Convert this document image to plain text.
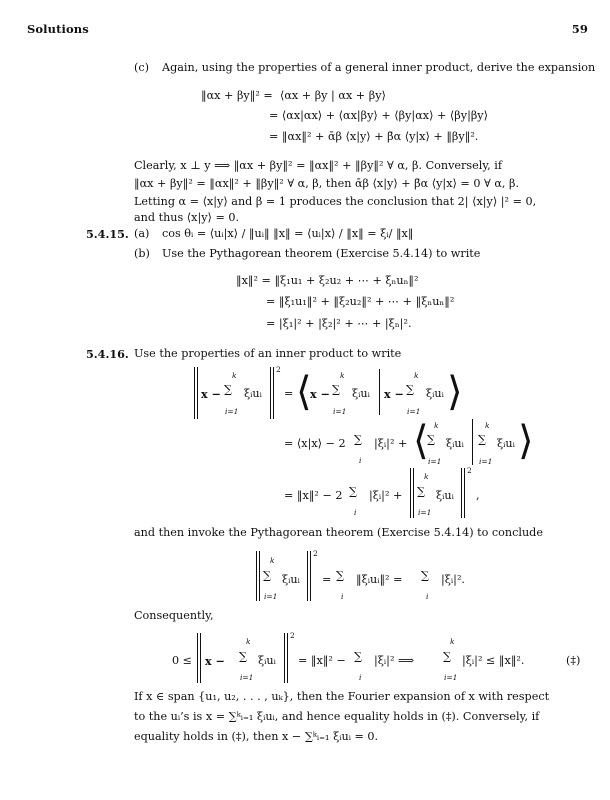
Solutions	59
(c) Again, using the properties of a general inner product, derive the expansion
‖αx + βy‖² = ⟨αx + βy | αx + βy⟩
= ⟨αx|αx⟩ + ⟨αx|βy⟩ + ⟨βy|αx⟩ + ⟨βy|βy⟩
= ‖αx‖² + ᾱβ ⟨x|y⟩ + β̄α ⟨y|x⟩ + ‖βy‖².
Clearly, x ⊥ y ⟹ ‖αx + βy‖² = ‖αx‖² + ‖βy‖² ∀ α, β. Conversely, if
‖αx + βy‖² = ‖αx‖² + ‖βy‖² ∀ α, β, then ᾱβ ⟨x|y⟩ + β̄α ⟨y|x⟩ = 0 ∀ α, β.
Letting α = ⟨x|y⟩ and β = 1 produces the conclusion that 2| ⟨x|y⟩ |² = 0,
and thus ⟨x|y⟩ = 0.
5.4.15. (a) cos θᵢ = ⟨uᵢ|x⟩ / ‖uᵢ‖ ‖x‖ = ⟨uᵢ|x⟩ / ‖x‖ = ξᵢ/ ‖x‖
(b) Use the Pythagorean theorem (Exercise 5.4.14) to write
‖x‖² = ‖ξ₁u₁ + ξ₂u₂ + ⋯ + ξₙuₙ‖²
= ‖ξ₁u₁‖² + ‖ξ₂u₂‖² + ⋯ + ‖ξₙuₙ‖²
= |ξ₁|² + |ξ₂|² + ⋯ + |ξₙ|².
5.4.16. Use the properties of an inner product to write
x −
k
∑
i=1
ξᵢuᵢ
2
= ⟨
x −
k
∑
i=1
ξᵢuᵢ x −
k
∑
i=1
ξᵢuᵢ ⟩
= ⟨x|x⟩ − 2 ∑
i
|ξᵢ|² + ⟨ k
∑
i=1
ξᵢuᵢ
k
∑
i=1
ξᵢuᵢ ⟩
= ‖x‖² − 2 ∑
i
|ξᵢ|² +
k
∑
i=1
ξᵢuᵢ
2
,
and then invoke the Pythagorean theorem (Exercise 5.4.14) to conclude
k
∑
i=1
ξᵢuᵢ
2
= ∑
i
‖ξᵢuᵢ‖² = ∑
i
|ξᵢ|².
Consequently,
0 ≤ x −
k
∑
i=1
ξᵢuᵢ
2
= ‖x‖² − ∑
i
|ξᵢ|² ⟹
k
∑
i=1
|ξᵢ|² ≤ ‖x‖².	(‡)
If x ∈ span {u₁, u₂, . . . , uₖ}, then the Fourier expansion of x with respect
to the uᵢ’s is x = ∑ᵏᵢ₌₁ ξᵢuᵢ, and hence equality holds in (‡). Conversely, if
equality holds in (‡), then x − ∑ᵏᵢ₌₁ ξᵢuᵢ = 0.
